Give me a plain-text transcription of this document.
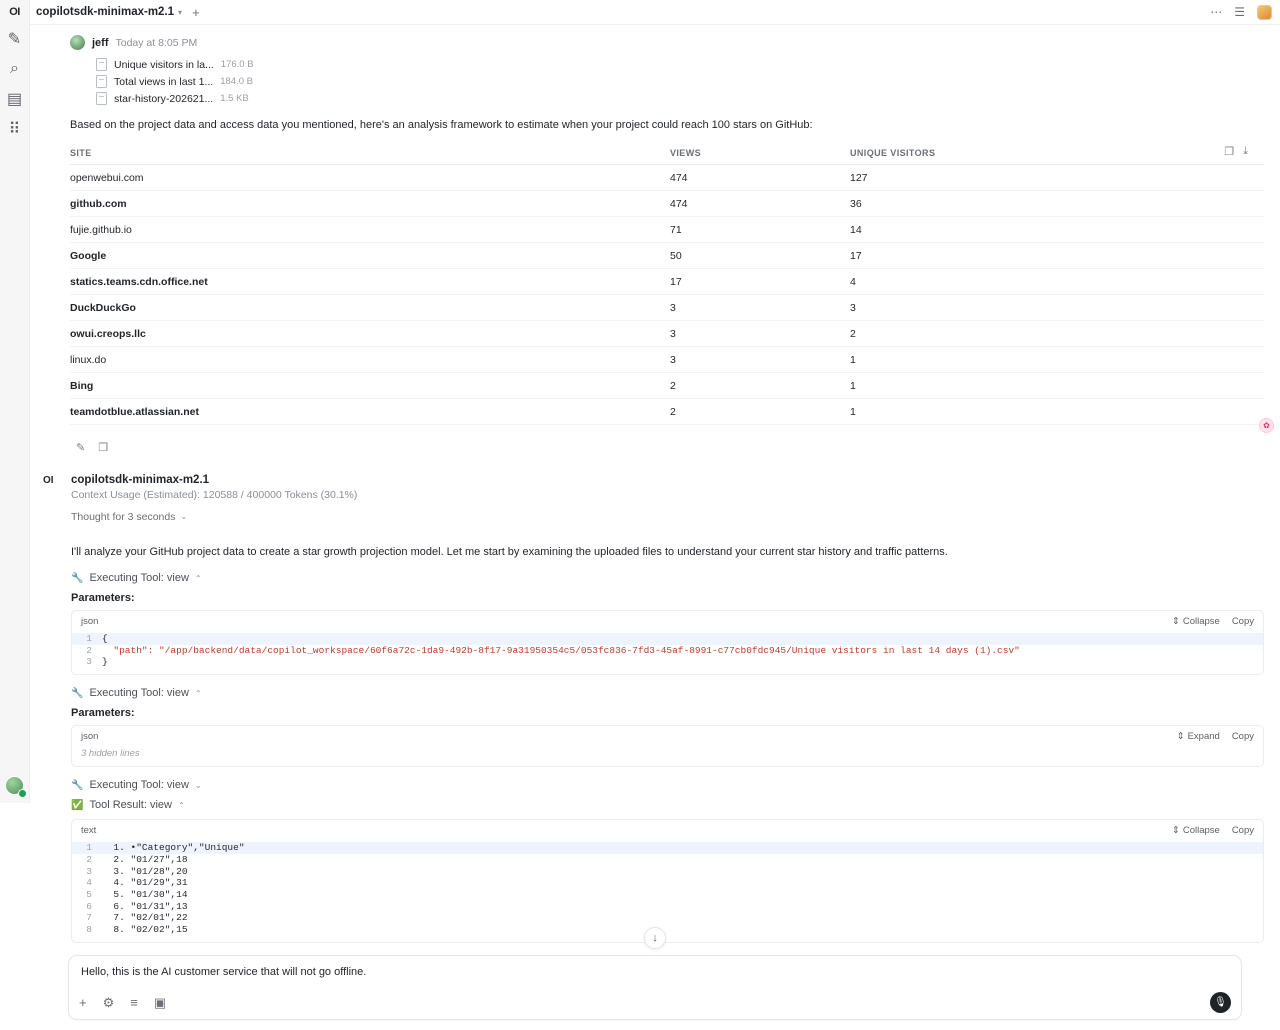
OI
✎
⌕
▤
⠿
copilotsdk-minimax-m2.1 ▾ +	⋯ ☰
jeff Today at 8:05 PM
Unique visitors in la... 176.0 B
Total views in last 1... 184.0 B
star-history-202621... 1.5 KB

Based on the project data and access data you mentioned, here's an analysis framework to estimate when your project could reach 100 stars on GitHub:

❐ ⤓
SITE	VIEWS	UNIQUE VISITORS
openwebui.com	474	127
github.com	474	36
fujie.github.io	71	14
Google	50	17
statics.teams.cdn.office.net	17	4
DuckDuckGo	3	3
owui.creops.llc	3	2
linux.do	3	1
Bing	2	1
teamdotblue.atlassian.net	2	1
✎ ❐
OI	copilotsdk-minimax-m2.1
Context Usage (Estimated): 120588 / 400000 Tokens (30.1%)
Thought for 3 seconds ⌄

I'll analyze your GitHub project data to create a star growth projection model. Let me start by examining the uploaded files to understand your current star history and traffic patterns.

🔧 Executing Tool: view ⌃
Parameters:
json	⇕ Collapse Copy
1	{
2	"path": "/app/backend/data/copilot_workspace/60f6a72c-1da9-492b-8f17-9a31950354c5/053fc836-7fd3-45af-8991-c77cb0fdc945/Unique visitors in last 14 days (1).csv"
3	}
🔧 Executing Tool: view ⌃
Parameters:
json	⇕ Expand Copy
3 hidden lines
🔧 Executing Tool: view ⌄
✅ Tool Result: view ⌃
text	⇕ Collapse Copy
1	1. •"Category","Unique"
2	2. "01/27",18
3	3. "01/28",20
4	4. "01/29",31
5	5. "01/30",14
6	6. "01/31",13
7	7. "02/01",22
8	8. "02/02",15
↓
✿
Hello, this is the AI customer service that will not go offline.
+ ⚙ ≡ ▣	🎙
